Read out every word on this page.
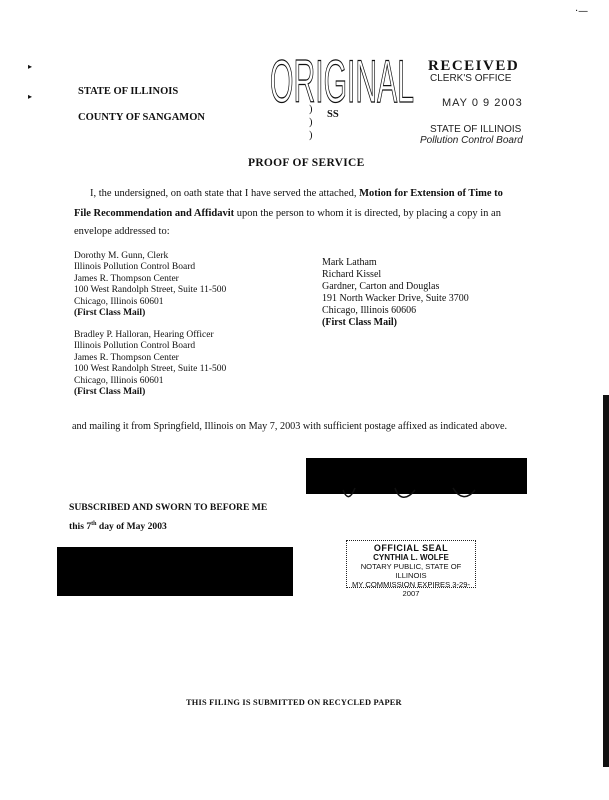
▸
▸
·—
ORIGINAL RECEIVED
CLERK'S OFFICE
MAY 0 9 2003
STATE OF ILLINOIS
Pollution Control Board
STATE OF ILLINOIS
COUNTY OF SANGAMON
)
)
)
SS
PROOF OF SERVICE
I, the undersigned, on oath state that I have served the attached, Motion for Extension of Time to
File Recommendation and Affidavit upon the person to whom it is directed, by placing a copy in an
envelope addressed to:
Dorothy M. Gunn, Clerk
Illinois Pollution Control Board
James R. Thompson Center
100 West Randolph Street, Suite 11-500
Chicago, Illinois 60601
(First Class Mail)
Bradley P. Halloran, Hearing Officer
Illinois Pollution Control Board
James R. Thompson Center
100 West Randolph Street, Suite 11-500
Chicago, Illinois 60601
(First Class Mail)
Mark Latham
Richard Kissel
Gardner, Carton and Douglas
191 North Wacker Drive, Suite 3700
Chicago, Illinois 60606
(First Class Mail)
and mailing it from Springfield, Illinois on May 7, 2003 with sufficient postage affixed as indicated above.
SUBSCRIBED AND SWORN TO BEFORE ME
this 7th day of May 2003
OFFICIAL SEAL
CYNTHIA L. WOLFE
NOTARY PUBLIC, STATE OF ILLINOIS
MY COMMISSION EXPIRES 3-29-2007
THIS FILING IS SUBMITTED ON RECYCLED PAPER
